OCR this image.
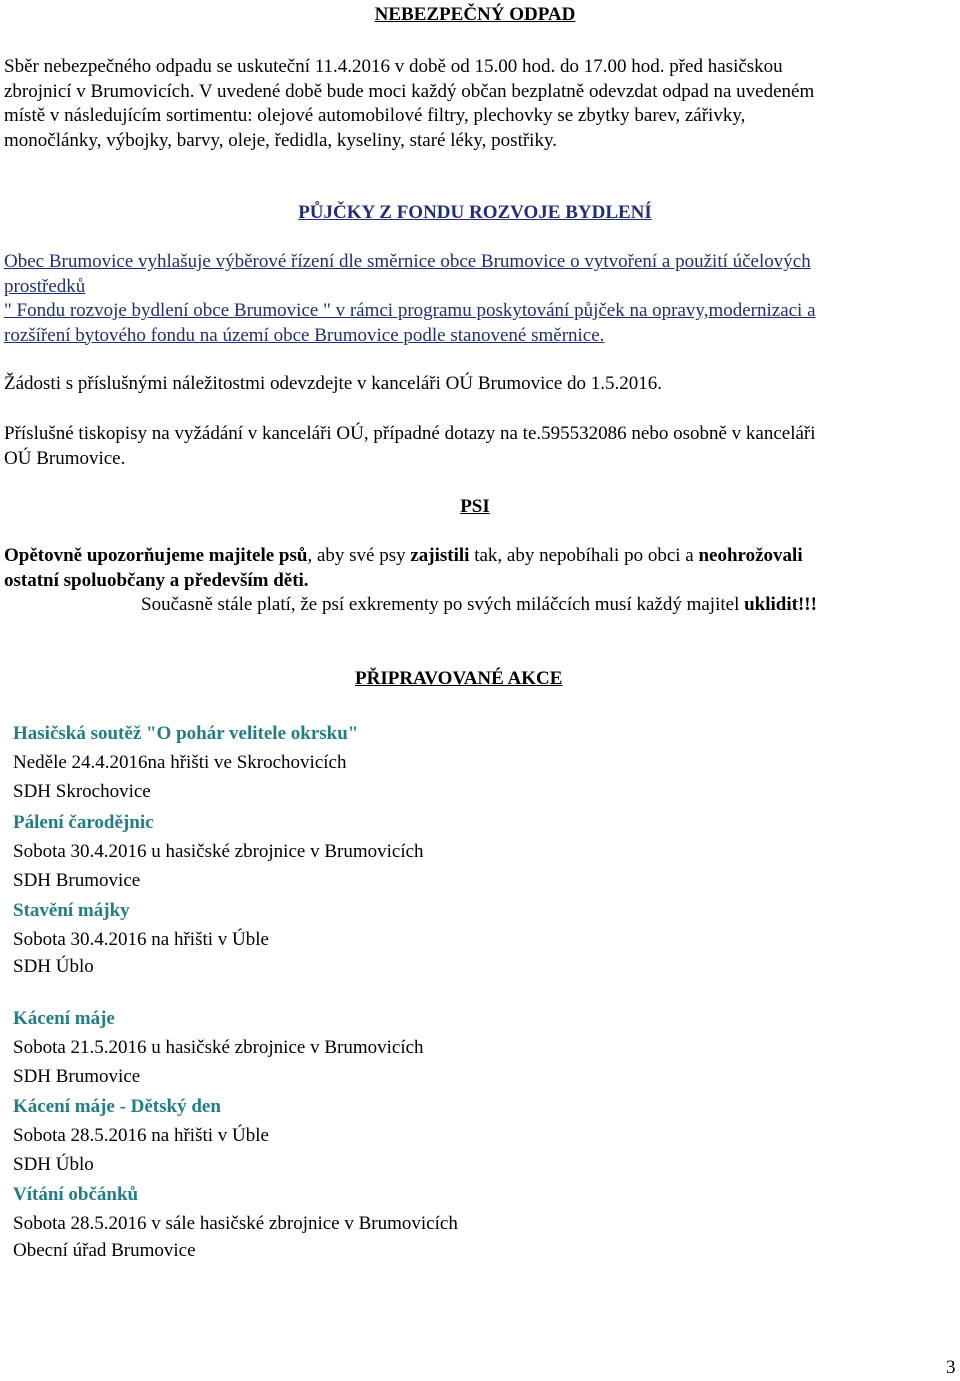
NEBEZPEČNÝ ODPAD

Sběr nebezpečného odpadu se uskuteční 11.4.2016 v době od 15.00 hod. do 17.00 hod. před hasičskou

zbrojnicí v Brumovicích. V uvedené době bude moci každý občan bezplatně odevzdat odpad na uvedeném

místě v následujícím sortimentu: olejové automobilové filtry, plechovky se zbytky barev, zářivky,

monočlánky, výbojky, barvy, oleje, ředidla, kyseliny, staré léky, postřiky.

PŮJČKY Z FONDU ROZVOJE BYDLENÍ

Obec Brumovice vyhlašuje výběrové řízení dle směrnice obce Brumovice o vytvoření a použití účelových

prostředků

" Fondu rozvoje bydlení obce Brumovice " v rámci programu poskytování půjček na opravy,modernizaci a

rozšíření bytového fondu na území obce Brumovice podle stanovené směrnice.

Žádosti s příslušnými náležitostmi odevzdejte v kanceláři OÚ Brumovice do 1.5.2016.

Příslušné tiskopisy na vyžádání v kanceláři OÚ, případné dotazy na te.595532086 nebo osobně v kanceláři

OÚ Brumovice.

PSI

Opětovně upozorňujeme majitele psů, aby své psy zajistili tak, aby nepobíhali po obci a neohrožovali

ostatní spoluobčany a především děti.

Současně stále platí, že psí exkrementy po svých miláčcích musí každý majitel uklidit!!!

PŘIPRAVOVANÉ AKCE
Hasičská soutěž "O pohár velitele okrsku"
Neděle 24.4.2016na hřišti ve Skrochovicích
SDH Skrochovice
Pálení čarodějnic
Sobota 30.4.2016 u hasičské zbrojnice v Brumovicích
SDH Brumovice
Stavění májky
Sobota 30.4.2016 na hřišti v Úble
SDH Úblo
Kácení máje
Sobota 21.5.2016 u hasičské zbrojnice v Brumovicích
SDH Brumovice
Kácení máje - Dětský den
Sobota 28.5.2016 na hřišti v Úble
SDH Úblo
Vítání občánků
Sobota 28.5.2016 v sále hasičské zbrojnice v Brumovicích
Obecní úřad Brumovice
3
